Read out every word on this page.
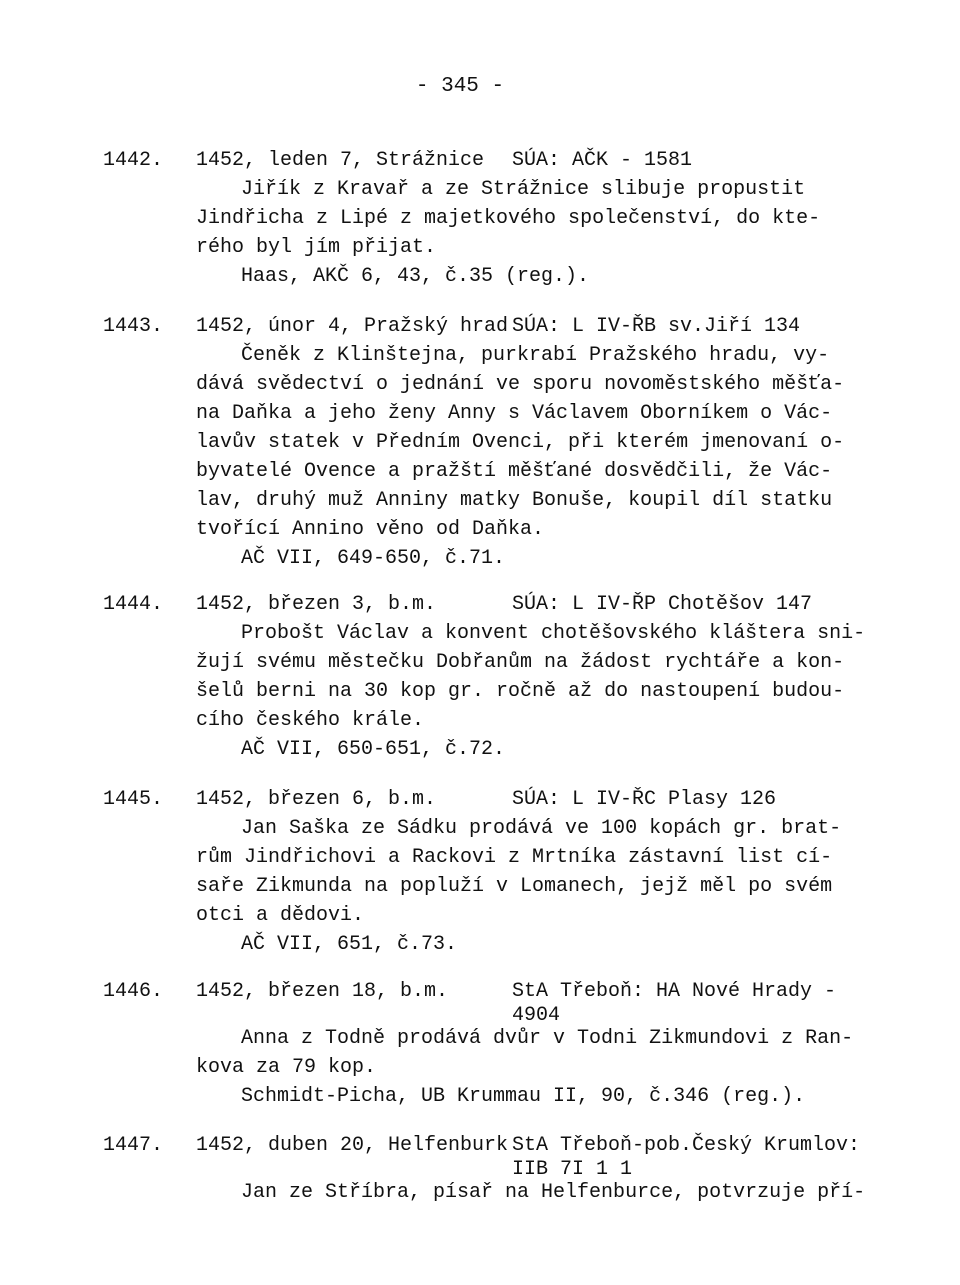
- 345 -
1442. 1452, leden 7, Strážnice SÚA: AČK - 1581
Jiřík z Kravař a ze Strážnice slibuje propustit
Jindřicha z Lipé z majetkového společenství, do kte-
rého byl jím přijat.
Haas, AKČ 6, 43, č.35 (reg.).
1443. 1452, únor 4, Pražský hrad SÚA: L IV-ŘB sv.Jiří 134
Čeněk z Klinštejna, purkrabí Pražského hradu, vy-
dává svědectví o jednání ve sporu novoměstského měšťa-
na Daňka a jeho ženy Anny s Václavem Oborníkem o Vác-
lavův statek v Předním Ovenci, při kterém jmenovaní o-
byvatelé Ovence a pražští měšťané dosvědčili, že Vác-
lav, druhý muž Anniny matky Bonuše, koupil díl statku
tvořící Annino věno od Daňka.
AČ VII, 649-650, č.71.
1444. 1452, březen 3, b.m.	SÚA: L IV-ŘP Chotěšov 147
Probošt Václav a konvent chotěšovského kláštera sni-
žují svému městečku Dobřanům na žádost rychtáře a kon-
šelů berni na 30 kop gr. ročně až do nastoupení budou-
cího českého krále.
AČ VII, 650-651, č.72.
1445. 1452, březen 6, b.m.	SÚA: L IV-ŘC Plasy 126
Jan Saška ze Sádku prodává ve 100 kopách gr. brat-
rům Jindřichovi a Rackovi z Mrtníka zástavní list cí-
saře Zikmunda na popluží v Lomanech, jejž měl po svém
otci a dědovi.
AČ VII, 651, č.73.
1446. 1452, březen 18, b.m.	StA Třeboň: HA Nové Hrady -
4904
Anna z Todně prodává dvůr v Todni Zikmundovi z Ran-
kova za 79 kop.
Schmidt-Picha, UB Krummau II, 90, č.346 (reg.).
1447. 1452, duben 20, Helfenburk StA Třeboň-pob.Český Krumlov:
IIB 7I 1 1
Jan ze Stříbra, písař na Helfenburce, potvrzuje pří-
